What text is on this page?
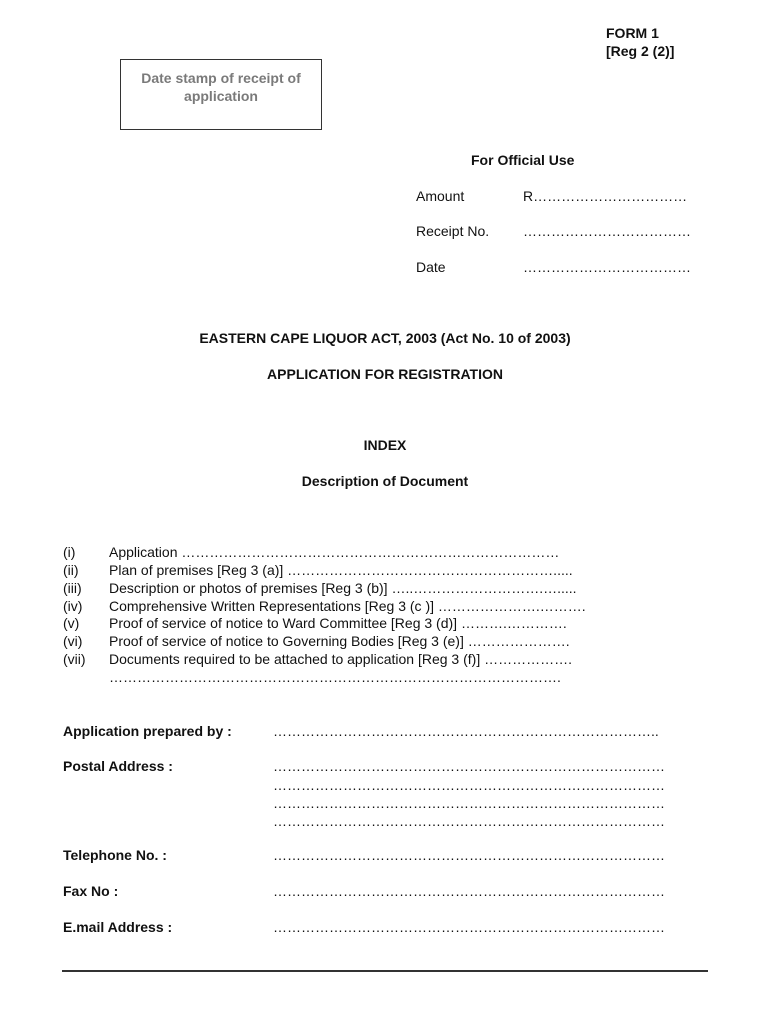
FORM 1
[Reg 2 (2)]
Date stamp of receipt of application
For Official Use
Amount	R……………………………
Receipt No. ………………………………
Date	………………………………
EASTERN CAPE LIQUOR ACT, 2003 (Act No. 10 of 2003)
APPLICATION FOR REGISTRATION
INDEX
Description of Document
(i) Application ………………………………………………………………………
(ii) Plan of premises [Reg 3 (a)] ………………………………………………….....
(iii) Description or photos of premises [Reg 3 (b)] …..……………………….….....
(iv) Comprehensive Written Representations [Reg 3 (c )] ………………….……….
(v) Proof of service of notice to Ward Committee [Reg 3 (d)] ……….………….
(vi) Proof of service of notice to Governing Bodies [Reg 3 (e)] ………………….
(vii) Documents required to be attached to application [Reg 3 (f)] ……………….
…………………………………………………………………………………….
Application prepared by :	………………………………………………………………………..
Postal Address :	…………………………………………………………………………
…………………………………………………………………………
…………………………………………………………………………
…………………………………………………………………………
Telephone No. :	…………………………………………………………………………
Fax No :	…………………………………………………………………………
E.mail Address :	…………………………………………………………………………
